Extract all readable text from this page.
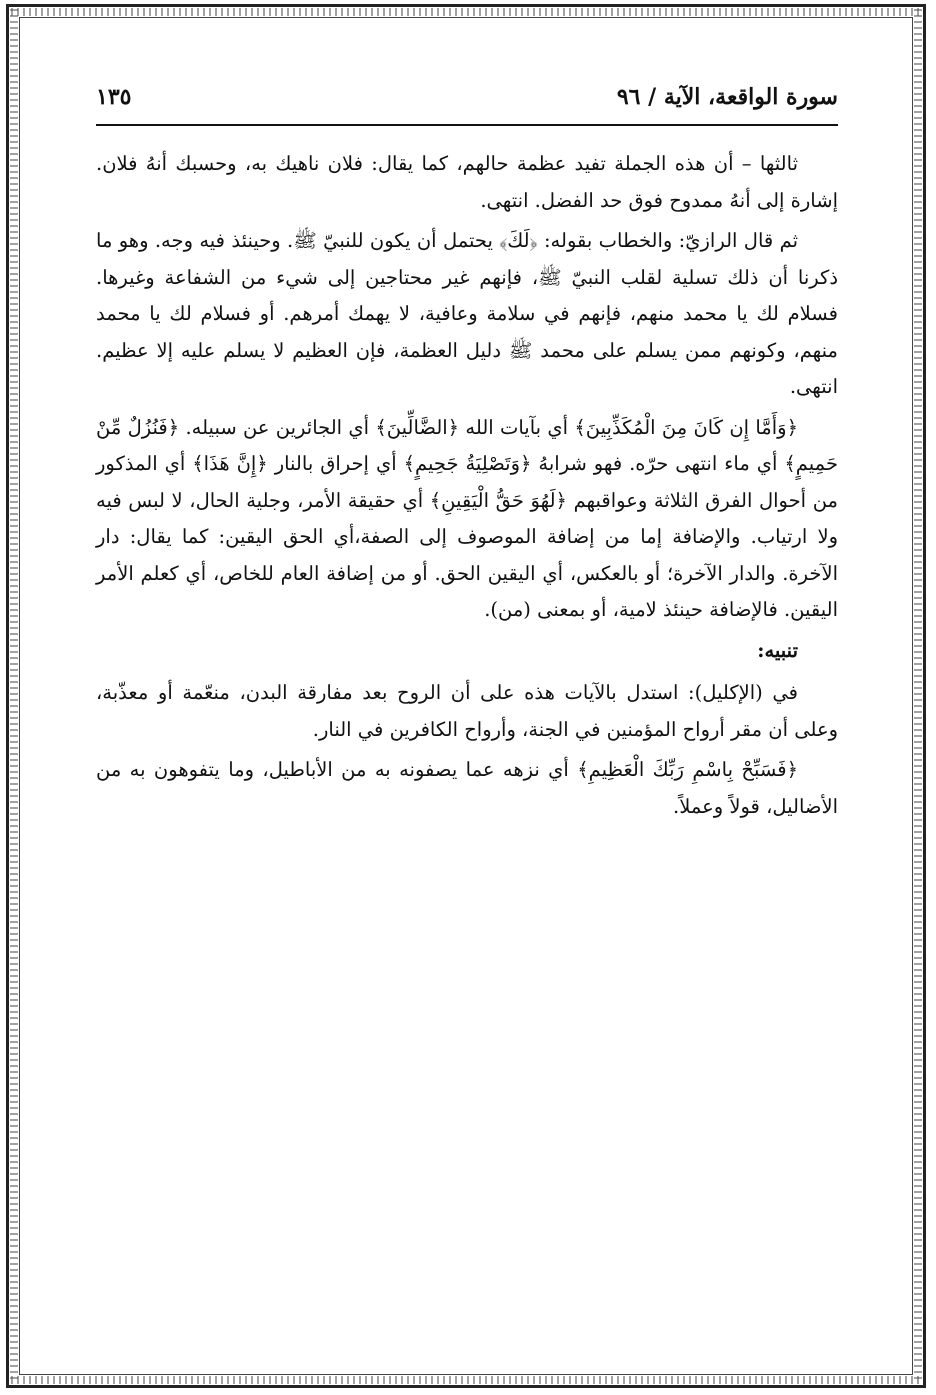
سورة الواقعة، الآية / ٩٦
١٣٥

ثالثها – أن هذه الجملة تفيد عظمة حالهم، كما يقال: فلان ناهيك به، وحسبك أنهُ فلان. إشارة إلى أنهُ ممدوح فوق حد الفضل. انتهى.

ثم قال الرازيّ: والخطاب بقوله: ﴿لَكَ﴾ يحتمل أن يكون للنبيّ ﷺ. وحينئذ فيه وجه. وهو ما ذكرنا أن ذلك تسلية لقلب النبيّ ﷺ، فإنهم غير محتاجين إلى شيء من الشفاعة وغيرها. فسلام لك يا محمد منهم، فإنهم في سلامة وعافية، لا يهمك أمرهم. أو فسلام لك يا محمد منهم، وكونهم ممن يسلم على محمد ﷺ دليل العظمة، فإن العظيم لا يسلم عليه إلا عظيم. انتهى.

﴿وَأَمَّا إِن كَانَ مِنَ الْمُكَذِّبِينَ﴾ أي بآيات الله ﴿الضَّالِّينَ﴾ أي الجائرين عن سبيله. ﴿فَنُزُلٌ مِّنْ حَمِيمٍ﴾ أي ماء انتهى حرّه. فهو شرابهُ ﴿وَتَصْلِيَةُ جَحِيمٍ﴾ أي إحراق بالنار ﴿إِنَّ هَذَا﴾ أي المذكور من أحوال الفرق الثلاثة وعواقبهم ﴿لَهُوَ حَقُّ الْيَقِينِ﴾ أي حقيقة الأمر، وجلية الحال، لا لبس فيه ولا ارتياب. والإضافة إما من إضافة الموصوف إلى الصفة،أي الحق اليقين: كما يقال: دار الآخرة. والدار الآخرة؛ أو بالعكس، أي اليقين الحق. أو من إضافة العام للخاص، أي كعلم الأمر اليقين. فالإضافة حينئذ لامية، أو بمعنى (من).

تنبيه:

في (الإكليل): استدل بالآيات هذه على أن الروح بعد مفارقة البدن، منعّمة أو معذّبة، وعلى أن مقر أرواح المؤمنين في الجنة، وأرواح الكافرين في النار.

﴿فَسَبِّحْ بِاسْمِ رَبِّكَ الْعَظِيمِ﴾ أي نزهه عما يصفونه به من الأباطيل، وما يتفوهون به من الأضاليل، قولاً وعملاً.
